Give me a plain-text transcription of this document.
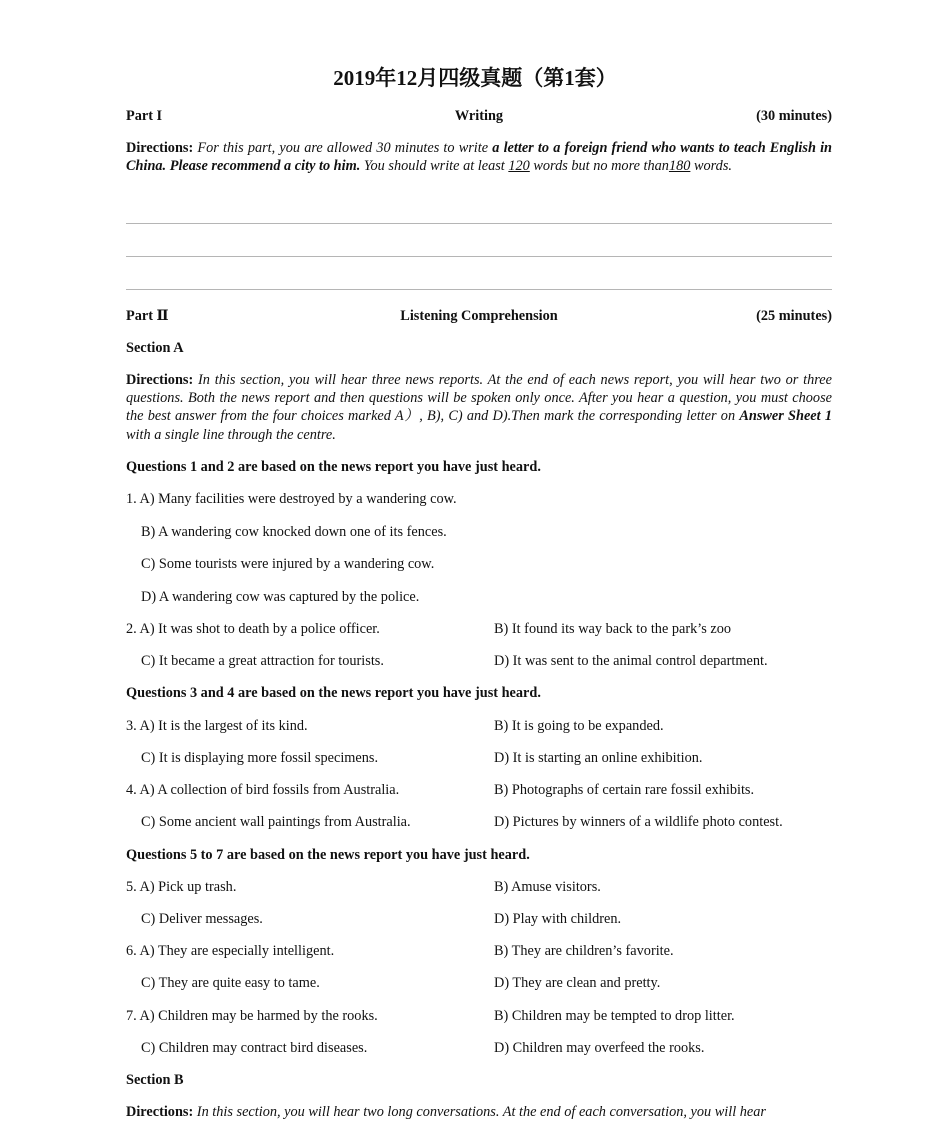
2019年12月四级真题（第1套）
Part I	Writing	(30 minutes)
Directions: For this part, you are allowed 30 minutes to write a letter to a foreign friend who wants to teach English in China. Please recommend a city to him. You should write at least 120 words but no more than180 words.
Part Ⅱ	Listening Comprehension	(25 minutes)
Section A
Directions: In this section, you will hear three news reports. At the end of each news report, you will hear two or three questions. Both the news report and then questions will be spoken only once. After you hear a question, you must choose the best answer from the four choices marked A）, B), C) and D).Then mark the corresponding letter on Answer Sheet 1 with a single line through the centre.
Questions 1 and 2 are based on the news report you have just heard.
1. A) Many facilities were destroyed by a wandering cow.
B) A wandering cow knocked down one of its fences.
C) Some tourists were injured by a wandering cow.
D) A wandering cow was captured by the police.
2. A) It was shot to death by a police officer.	B) It found its way back to the park’s zoo
C) It became a great attraction for tourists.	D) It was sent to the animal control department.
Questions 3 and 4 are based on the news report you have just heard.
3. A) It is the largest of its kind.	B) It is going to be expanded.
C) It is displaying more fossil specimens.	D) It is starting an online exhibition.
4. A) A collection of bird fossils from Australia.	B) Photographs of certain rare fossil exhibits.
C) Some ancient wall paintings from Australia.	D) Pictures by winners of a wildlife photo contest.
Questions 5 to 7 are based on the news report you have just heard.
5. A) Pick up trash.	B) Amuse visitors.
C) Deliver messages.	D) Play with children.
6. A) They are especially intelligent.	B) They are children’s favorite.
C) They are quite easy to tame.	D) They are clean and pretty.
7. A) Children may be harmed by the rooks.	B) Children may be tempted to drop litter.
C) Children may contract bird diseases.	D) Children may overfeed the rooks.
Section B
Directions: In this section, you will hear two long conversations. At the end of each conversation, you will hear
